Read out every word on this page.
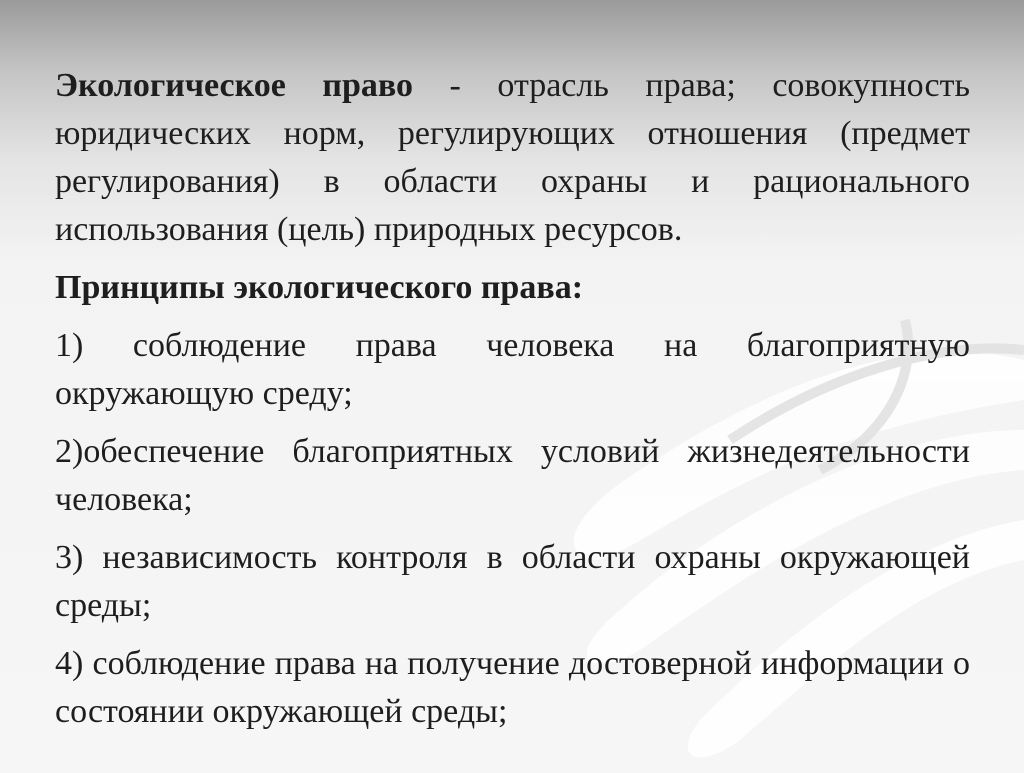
Экологическое право - отрасль права; совокупность юридических норм, регулирующих отношения (предмет регулирования) в области охраны и рационального использования (цель) природных ресурсов.

Принципы экологического права:

1) соблюдение права человека на благоприятную окружающую среду;

2)обеспечение благоприятных условий жизнедеятельности человека;

3) независимость контроля в области охраны окружающей среды;

4) соблюдение права на получение достоверной информации о состоянии окружающей среды;
